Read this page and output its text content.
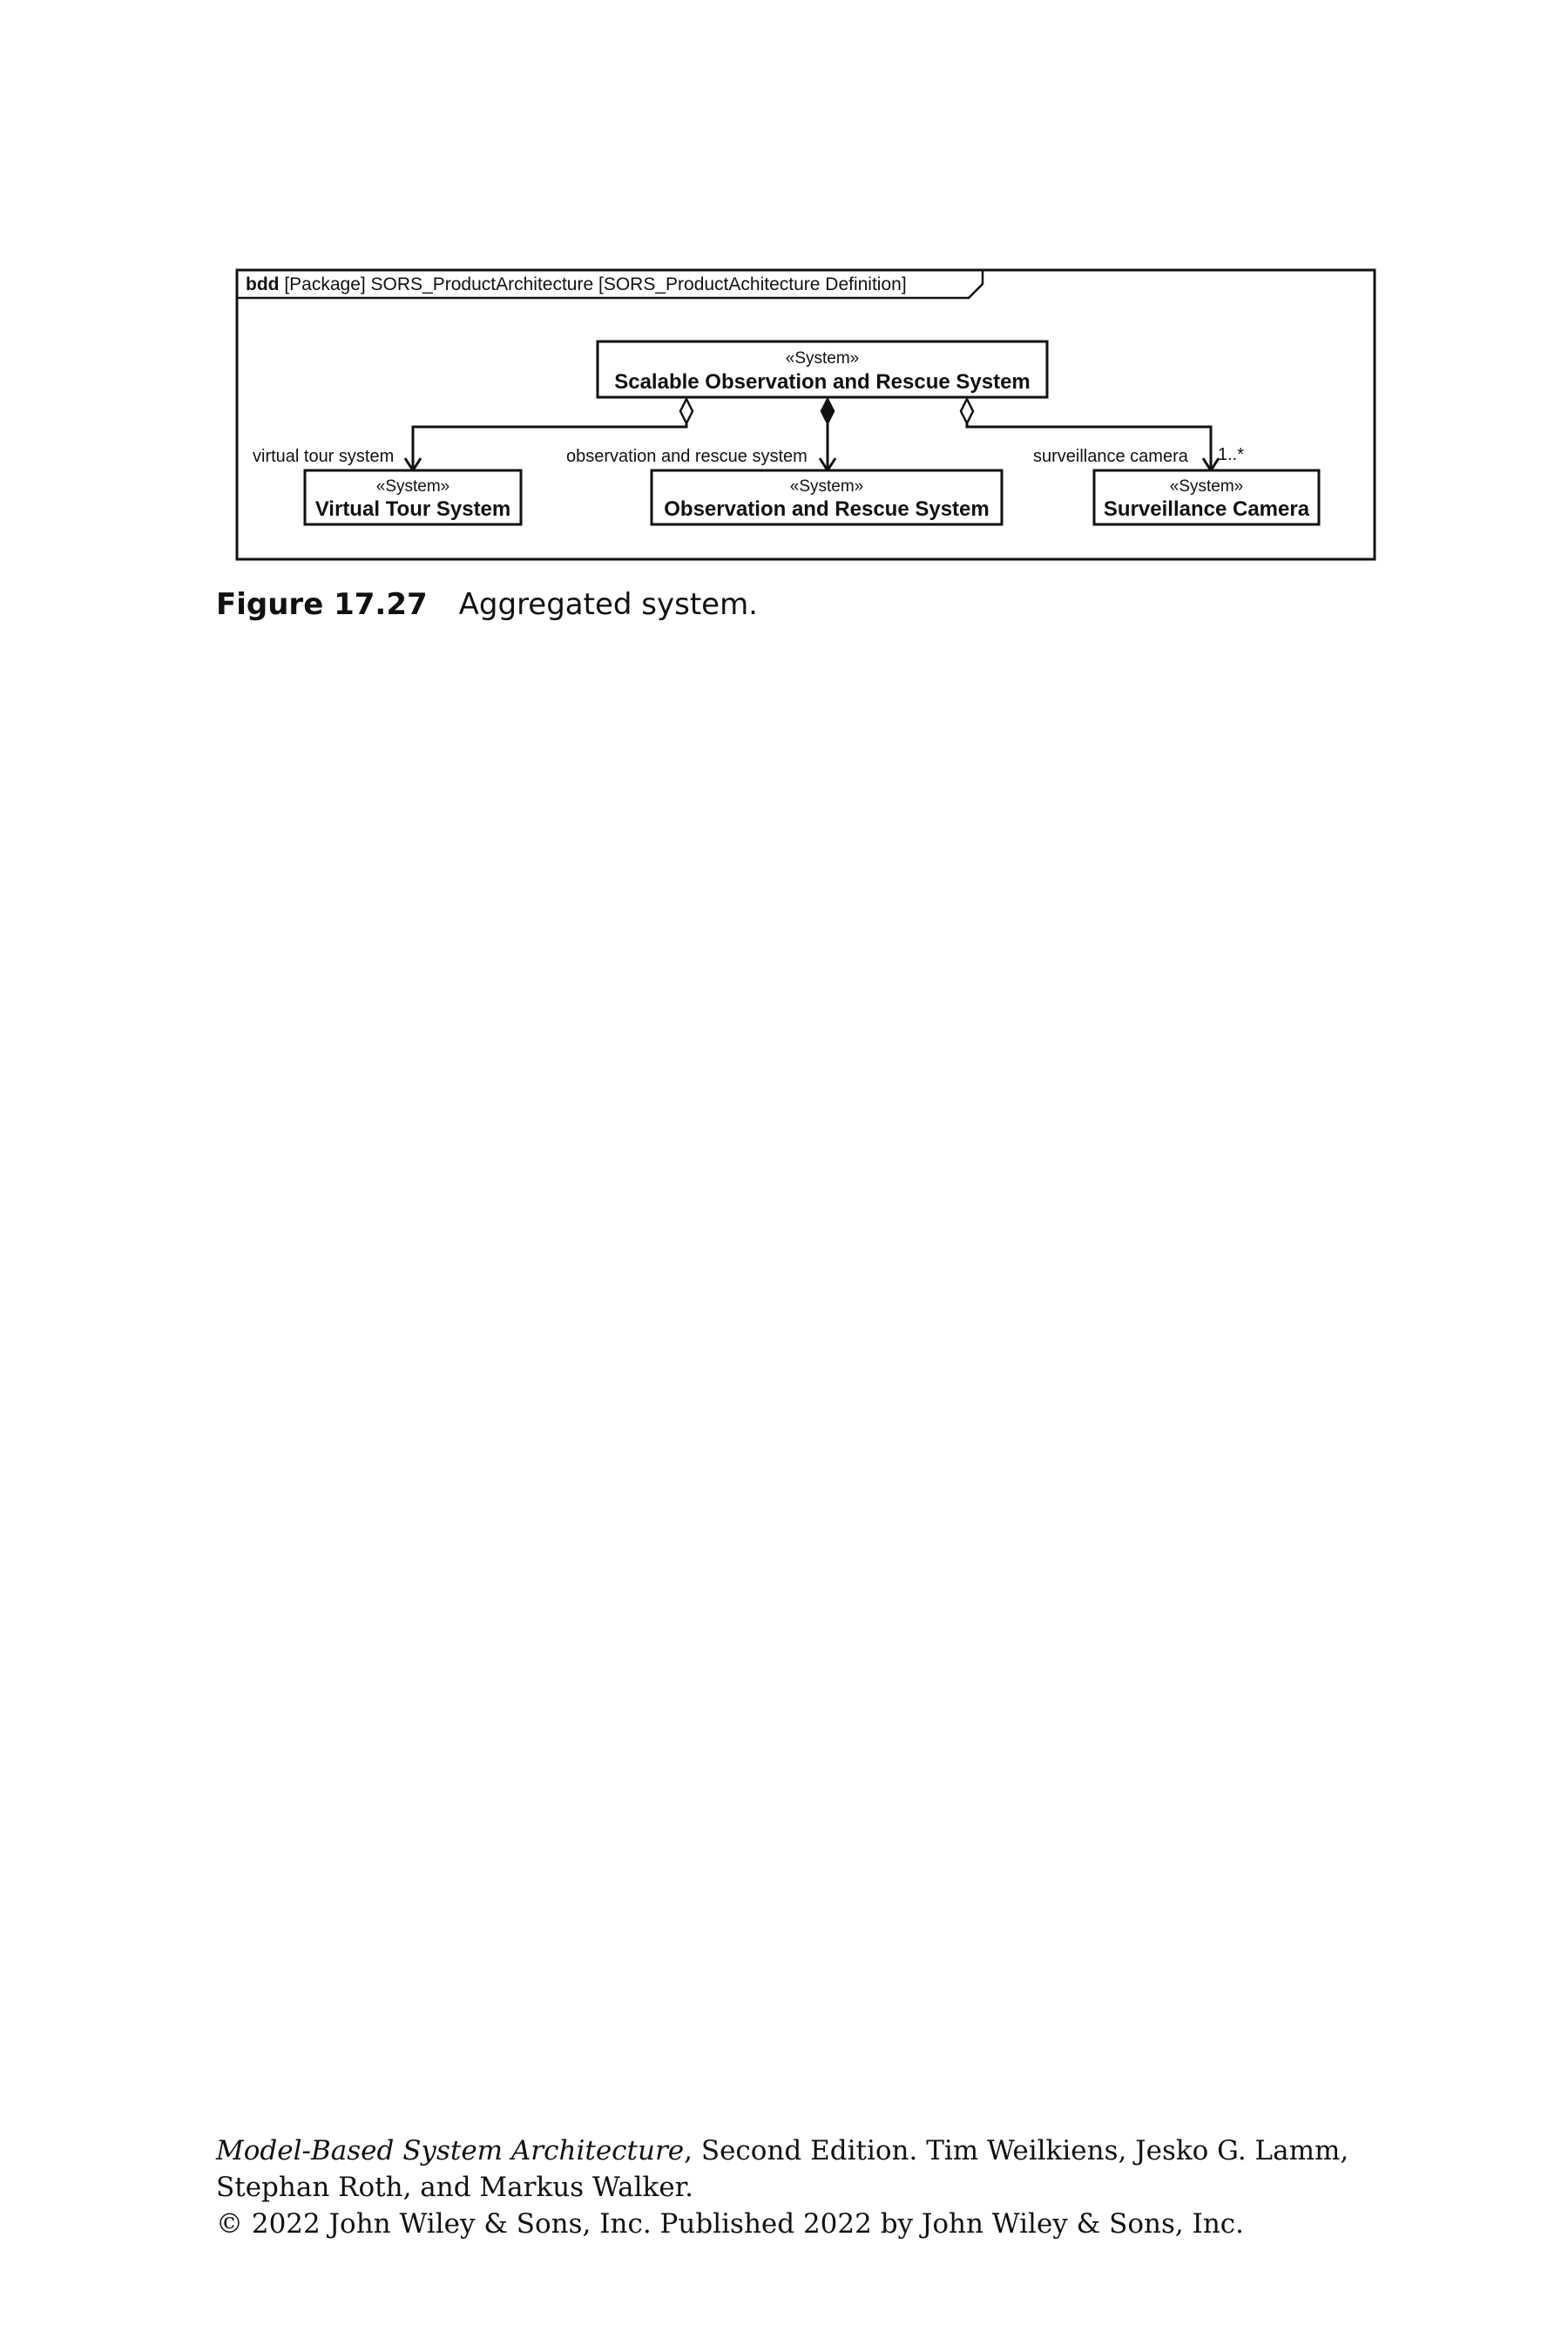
bdd [Package] SORS_ProductArchitecture [SORS_ProductAchitecture Definition]
«System»
Scalable Observation and Rescue System
virtual tour system	observation and rescue system	surveillance camera 1..*
«System»
Virtual Tour System
«System»
Observation and Rescue System
«System»
Surveillance Camera
Figure 17.27 Aggregated system.
Model-Based System Architecture, Second Edition. Tim Weilkiens, Jesko G. Lamm,
Stephan Roth, and Markus Walker.
© 2022 John Wiley & Sons, Inc. Published 2022 by John Wiley & Sons, Inc.
